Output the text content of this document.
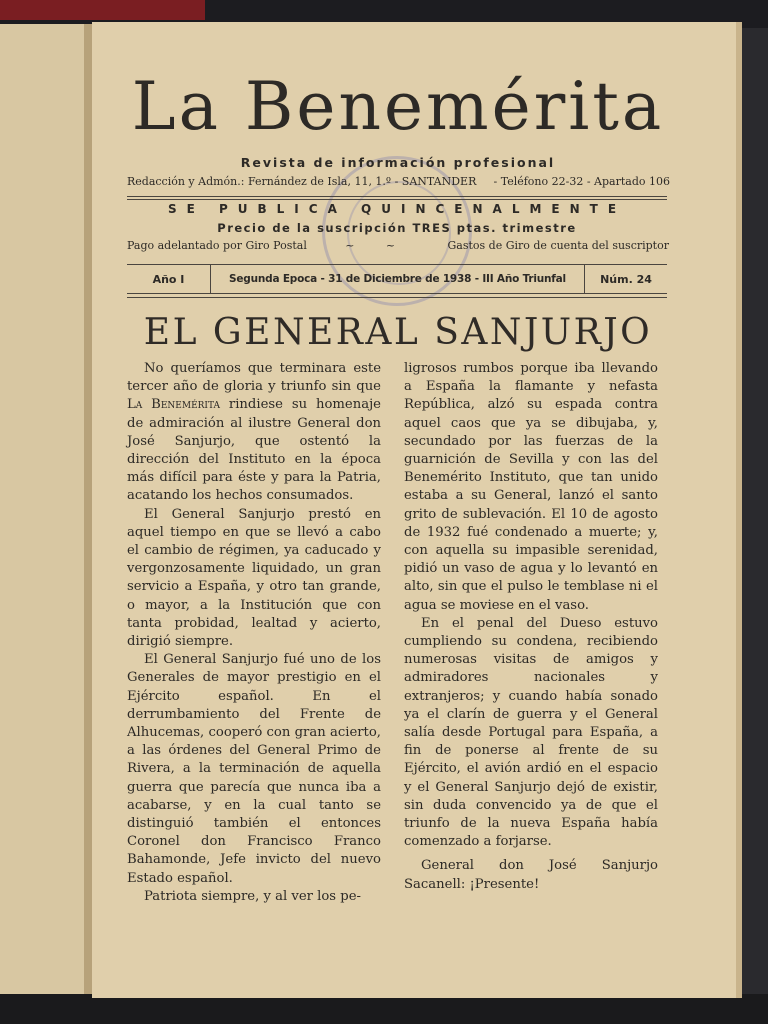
La Benemérita
Revista de información profesional
Redacción y Admón.: Fernández de Isla, 11, 1.º - SANTANDER - Teléfono 22-32 - Apartado 106
SE PUBLICA QUINCENALMENTE
Precio de la suscripción TRES ptas. trimestre
Pago adelantado por Giro Postal	~ ~	Gastos de Giro de cuenta del suscriptor
Año I	Segunda Epoca - 31 de Diciembre de 1938 - III Año Triunfal	Núm. 24
EL GENERAL SANJURJO

No queríamos que terminara este tercer año de gloria y triunfo sin que La Benemérita rindiese su homenaje de admiración al ilustre General don José Sanjurjo, que ostentó la dirección del Instituto en la época más difícil para éste y para la Patria, acatando los hechos consumados.

El General Sanjurjo prestó en aquel tiempo en que se llevó a cabo el cambio de régimen, ya caducado y vergonzosamente liquidado, un gran servicio a España, y otro tan grande, o mayor, a la Institución que con tanta probidad, lealtad y acierto, dirigió siempre.

El General Sanjurjo fué uno de los Generales de mayor prestigio en el Ejército español. En el derrumbamiento del Frente de Alhucemas, cooperó con gran acierto, a las órdenes del General Primo de Rivera, a la terminación de aquella guerra que parecía que nunca iba a acabarse, y en la cual tanto se distinguió también el entonces Coronel don Francisco Franco Bahamonde, Jefe invicto del nuevo Estado español.

Patriota siempre, y al ver los pe-

ligrosos rumbos porque iba llevando a España la flamante y nefasta República, alzó su espada contra aquel caos que ya se dibujaba, y, secundado por las fuerzas de la guarnición de Sevilla y con las del Benemérito Instituto, que tan unido estaba a su General, lanzó el santo grito de sublevación. El 10 de agosto de 1932 fué condenado a muerte; y, con aquella su impasible serenidad, pidió un vaso de agua y lo levantó en alto, sin que el pulso le temblase ni el agua se moviese en el vaso.

En el penal del Dueso estuvo cumpliendo su condena, recibiendo numerosas visitas de amigos y admiradores nacionales y extranjeros; y cuando había sonado ya el clarín de guerra y el General salía desde Portugal para España, a fin de ponerse al frente de su Ejército, el avión ardió en el espacio y el General Sanjurjo dejó de existir, sin duda convencido ya de que el triunfo de la nueva España había comenzado a forjarse.

General don José Sanjurjo Sacanell: ¡Presente!
